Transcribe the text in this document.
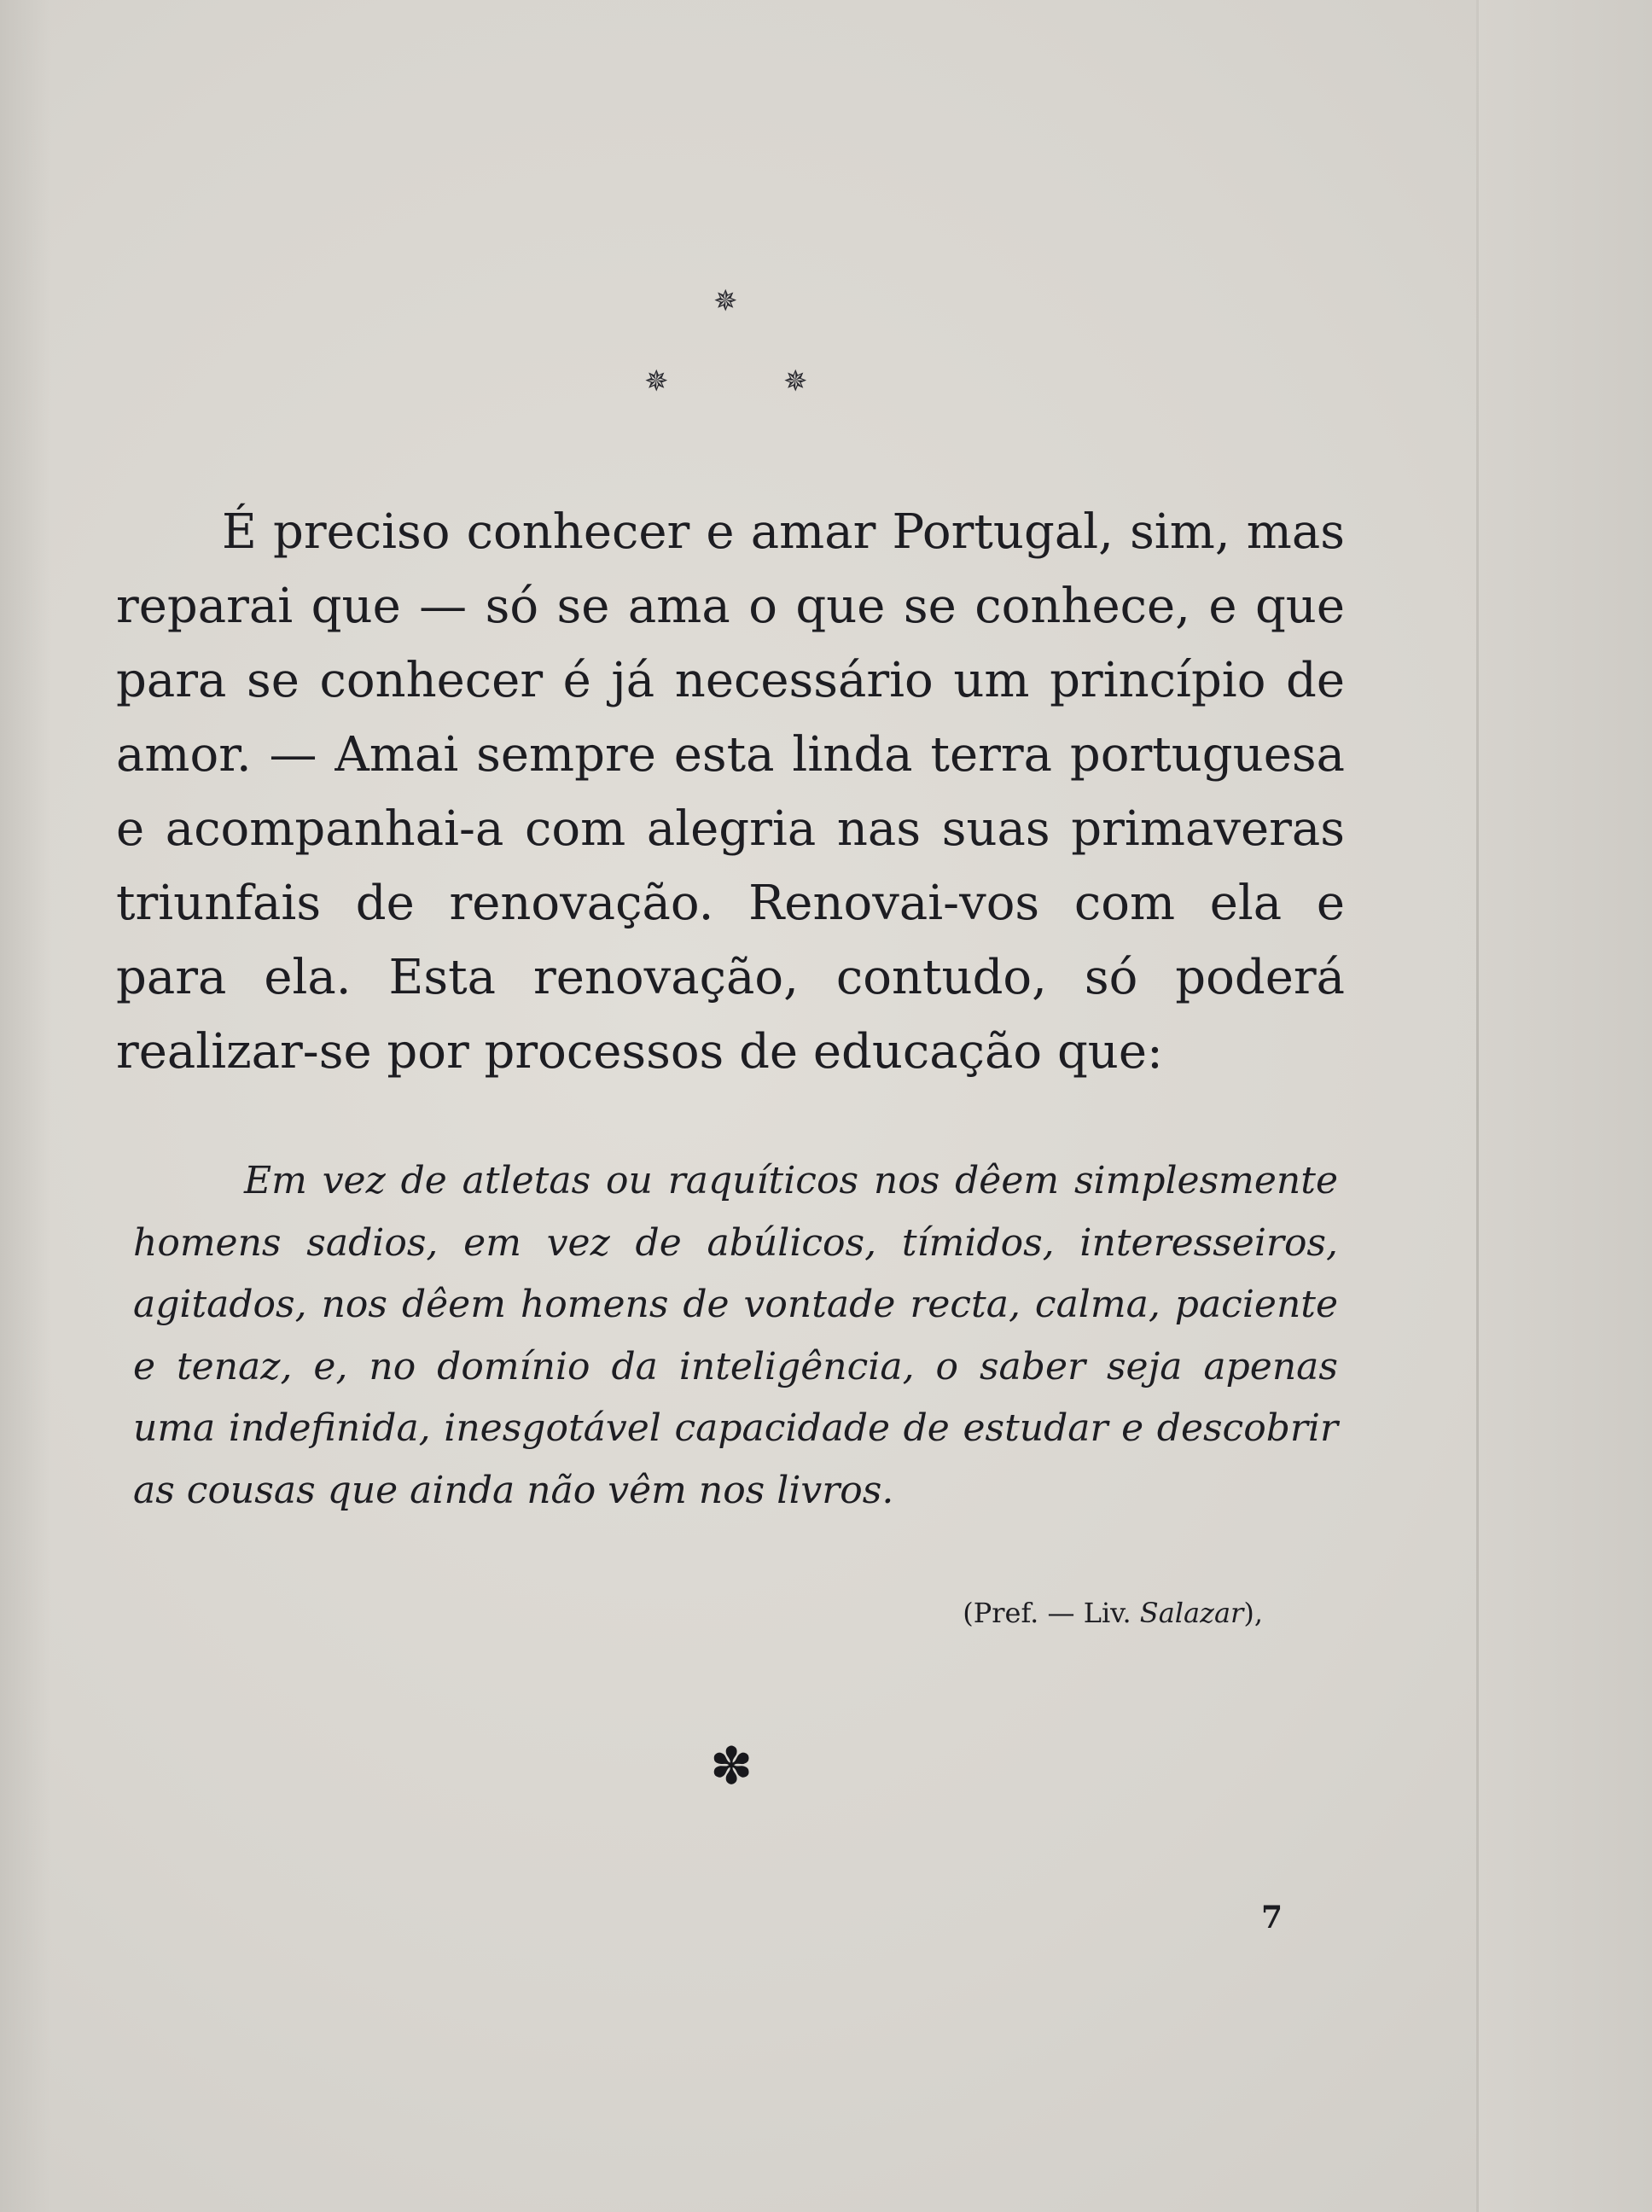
✵
✵	✵

É preciso conhecer e amar Portugal, sim, mas reparai que — só se ama o que se conhece, e que para se conhecer é já necessário um princípio de amor. — Amai sempre esta linda terra portuguesa e acompanhai-a com alegria nas suas primaveras triunfais de renovação. Renovai-vos com ela e para ela. Esta renovação, contudo, só poderá realizar-se por processos de educação que:

Em vez de atletas ou raquíticos nos dêem simplesmente homens sadios, em vez de abúlicos, tímidos, interesseiros, agitados, nos dêem homens de vontade recta, calma, paciente e tenaz, e, no domínio da inteligência, o saber seja apenas uma indefinida, inesgotável capacidade de estudar e descobrir as cousas que ainda não vêm nos livros.

(Pref. — Liv. Salazar),
✽
7
